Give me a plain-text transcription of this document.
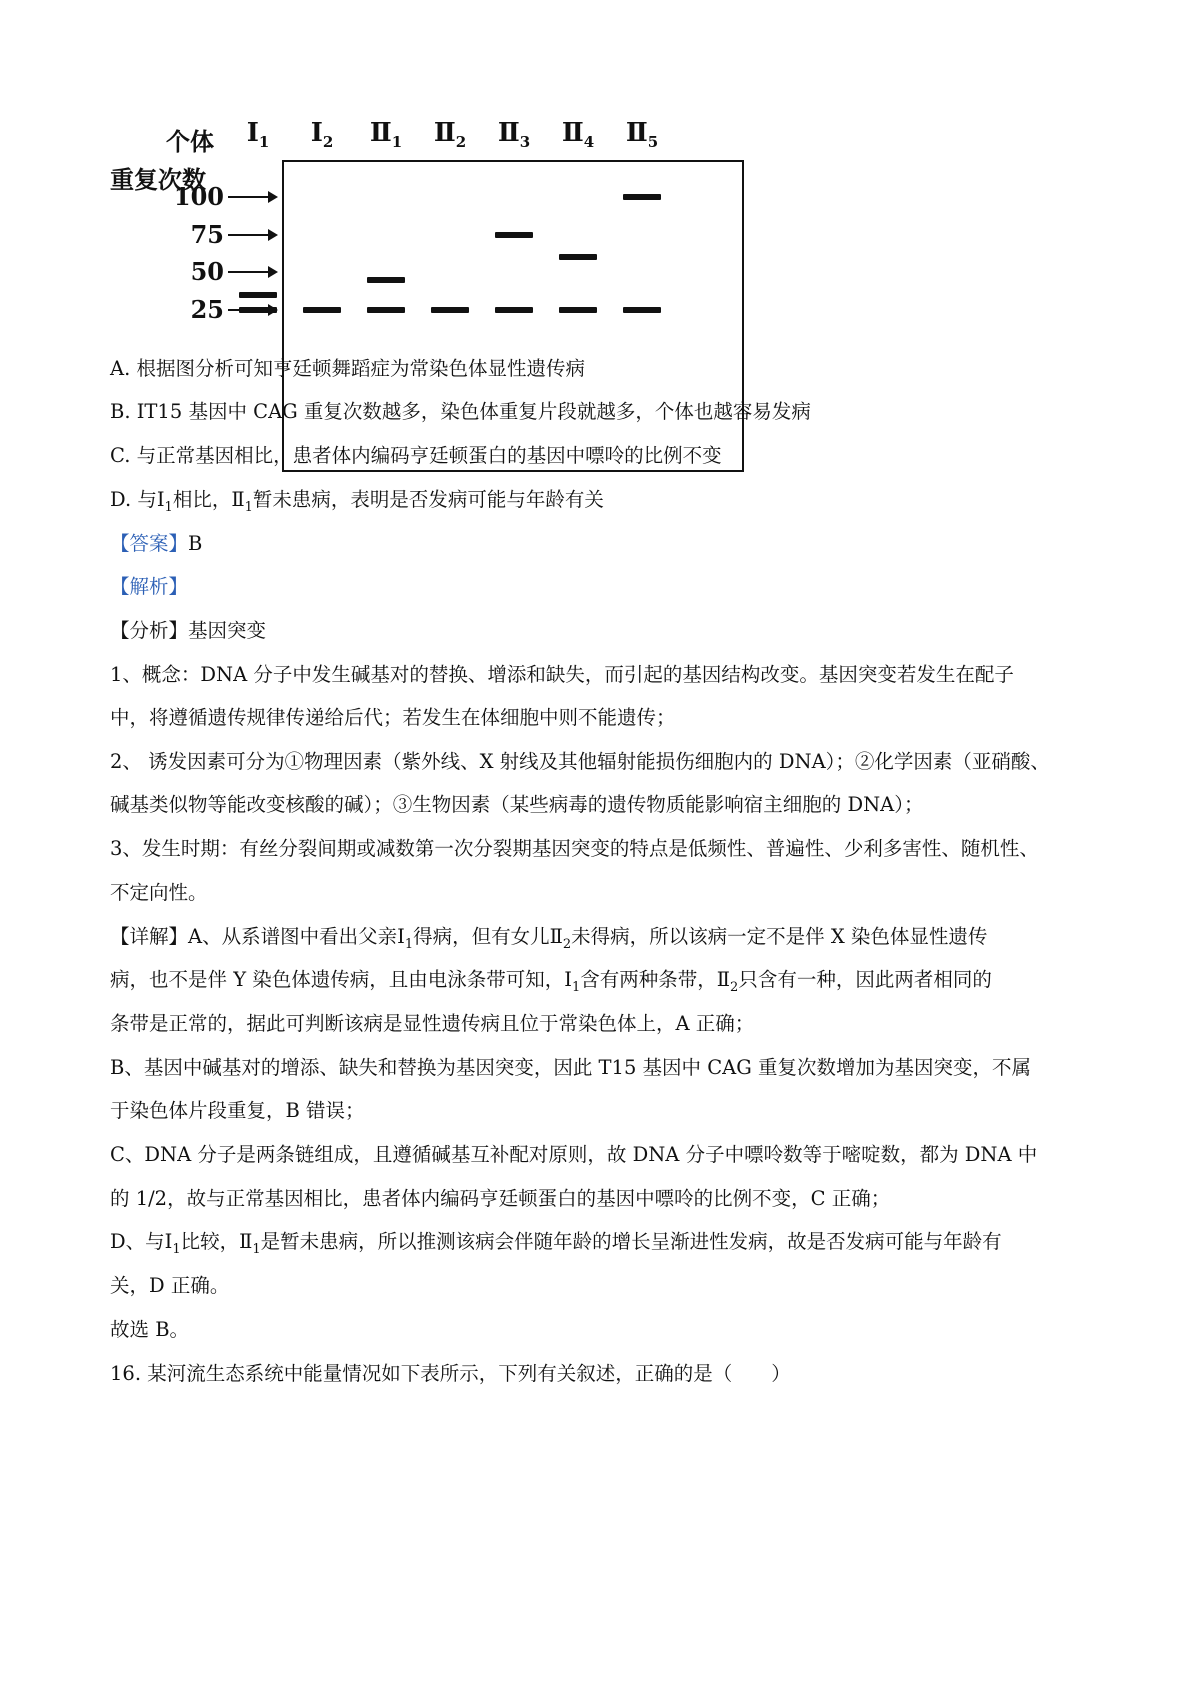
个体
重复次数
$Ⅰ_1$	$Ⅰ_2$	$Ⅱ_1$	$Ⅱ_2$	$Ⅱ_3$	$Ⅱ_4$	$Ⅱ_5$
100
75
50
25
A. 根据图分析可知亨廷顿舞蹈症为常染色体显性遗传病
B. IT15 基因中 CAG 重复次数越多，染色体重复片段就越多，个体也越容易发病
C. 与正常基因相比，患者体内编码亨廷顿蛋白的基因中嘌呤的比例不变
D. 与$Ⅰ_1$相比，$Ⅱ_1$暂未患病，表明是否发病可能与年龄有关
【答案】B
【解析】
【分析】基因突变
1、概念：DNA 分子中发生碱基对的替换、增添和缺失，而引起的基因结构改变。基因突变若发生在配子
中，将遵循遗传规律传递给后代；若发生在体细胞中则不能遗传；
2、 诱发因素可分为①物理因素（紫外线、X 射线及其他辐射能损伤细胞内的 DNA）；②化学因素（亚硝酸、
碱基类似物等能改变核酸的碱）；③生物因素（某些病毒的遗传物质能影响宿主细胞的 DNA）；
3、发生时期：有丝分裂间期或减数第一次分裂期基因突变的特点是低频性、普遍性、少利多害性、随机性、
不定向性。
【详解】A、从系谱图中看出父亲$Ⅰ_1$得病，但有女儿$Ⅱ_2$未得病，所以该病一定不是伴 X 染色体显性遗传
病，也不是伴 Y 染色体遗传病，且由电泳条带可知，$Ⅰ_1$含有两种条带，$Ⅱ_2$只含有一种，因此两者相同的
条带是正常的，据此可判断该病是显性遗传病且位于常染色体上，A 正确；
B、基因中碱基对的增添、缺失和替换为基因突变，因此 T15 基因中 CAG 重复次数增加为基因突变，不属
于染色体片段重复，B 错误；
C、DNA 分子是两条链组成，且遵循碱基互补配对原则，故 DNA 分子中嘌呤数等于嘧啶数，都为 DNA 中
的 1/2，故与正常基因相比，患者体内编码亨廷顿蛋白的基因中嘌呤的比例不变，C 正确；
D、与$Ⅰ_1$比较，$Ⅱ_1$是暂未患病，所以推测该病会伴随年龄的增长呈渐进性发病，故是否发病可能与年龄有
关，D 正确。
故选 B。
16. 某河流生态系统中能量情况如下表所示，下列有关叙述，正确的是（　　）
